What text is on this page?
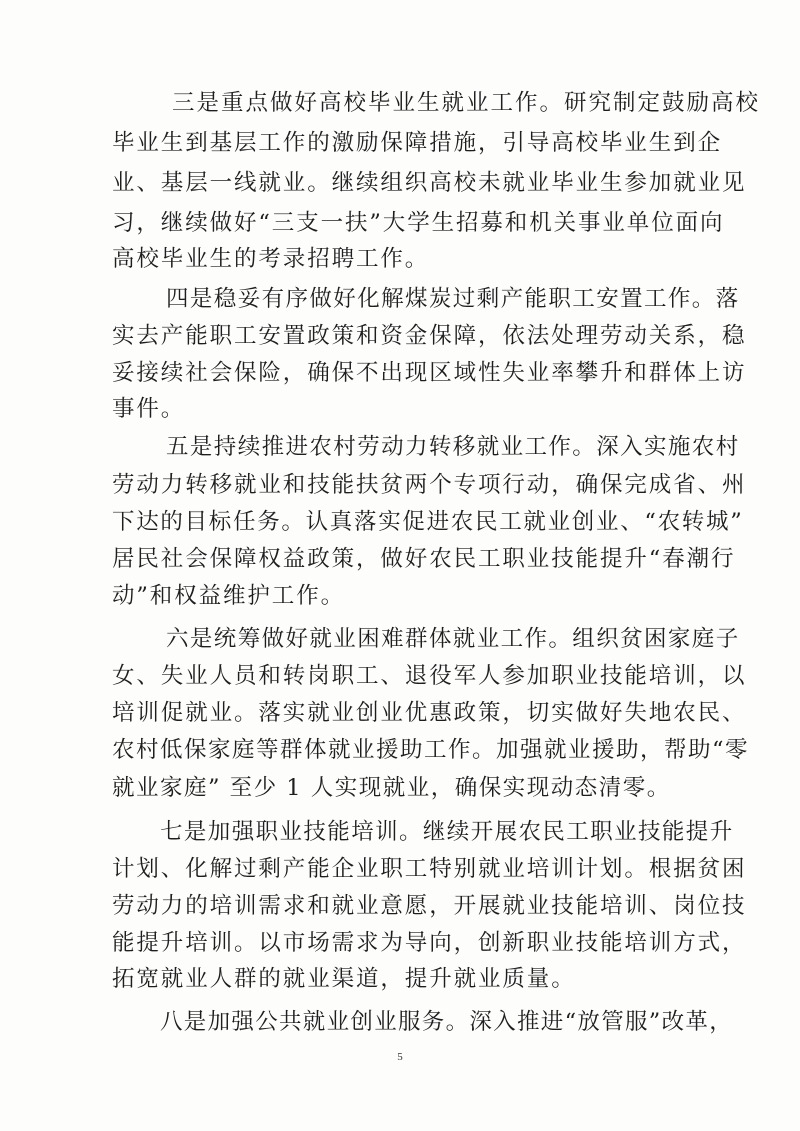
三是重点做好高校毕业生就业工作。研究制定鼓励高校
毕业生到基层工作的激励保障措施，引导高校毕业生到企
业、基层一线就业。继续组织高校未就业毕业生参加就业见
习，继续做好“三支一扶”大学生招募和机关事业单位面向
高校毕业生的考录招聘工作。
四是稳妥有序做好化解煤炭过剩产能职工安置工作。落
实去产能职工安置政策和资金保障，依法处理劳动关系，稳
妥接续社会保险，确保不出现区域性失业率攀升和群体上访
事件。
五是持续推进农村劳动力转移就业工作。深入实施农村
劳动力转移就业和技能扶贫两个专项行动，确保完成省、州
下达的目标任务。认真落实促进农民工就业创业、“农转城”
居民社会保障权益政策，做好农民工职业技能提升“春潮行
动”和权益维护工作。
六是统筹做好就业困难群体就业工作。组织贫困家庭子
女、失业人员和转岗职工、退役军人参加职业技能培训，以
培训促就业。落实就业创业优惠政策，切实做好失地农民、
农村低保家庭等群体就业援助工作。加强就业援助，帮助“零
就业家庭” 至少 1 人实现就业，确保实现动态清零。
七是加强职业技能培训。继续开展农民工职业技能提升
计划、化解过剩产能企业职工特别就业培训计划。根据贫困
劳动力的培训需求和就业意愿，开展就业技能培训、岗位技
能提升培训。以市场需求为导向，创新职业技能培训方式，
拓宽就业人群的就业渠道，提升就业质量。
八是加强公共就业创业服务。深入推进“放管服”改革，
5
